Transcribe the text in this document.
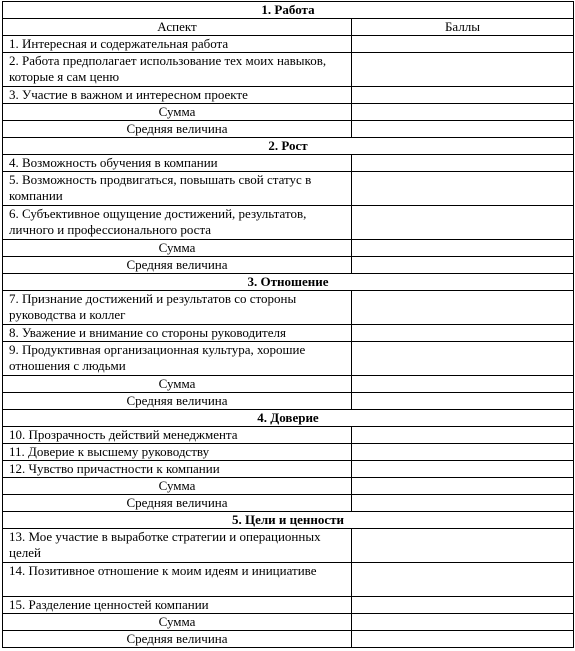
1. Работа	
Аспект	Баллы
1. Интересная и содержательная работа	
2. Работа предполагает использование тех моих навыков, которые я сам ценю	
3. Участие в важном и интересном проекте	
Сумма	
Средняя величина	
2. Рост	
4. Возможность обучения в компании	
5. Возможность продвигаться, повышать свой статус в компании	
6. Субъективное ощущение достижений, результатов, личного и профессионального роста	
Сумма	
Средняя величина	
3. Отношение	
7. Признание достижений и результатов со стороны руководства и коллег	
8. Уважение и внимание со стороны руководителя	
9. Продуктивная организационная культура, хорошие отношения с людьми	
Сумма	
Средняя величина	
4. Доверие	
10. Прозрачность действий менеджмента	
11. Доверие к высшему руководству	
12. Чувство причастности к компании	
Сумма	
Средняя величина	
5. Цели и ценности	
13. Мое участие в выработке стратегии и операционных целей	
14. Позитивное отношение к моим идеям и инициативе	
15. Разделение ценностей компании	
Сумма	
Средняя величина	
